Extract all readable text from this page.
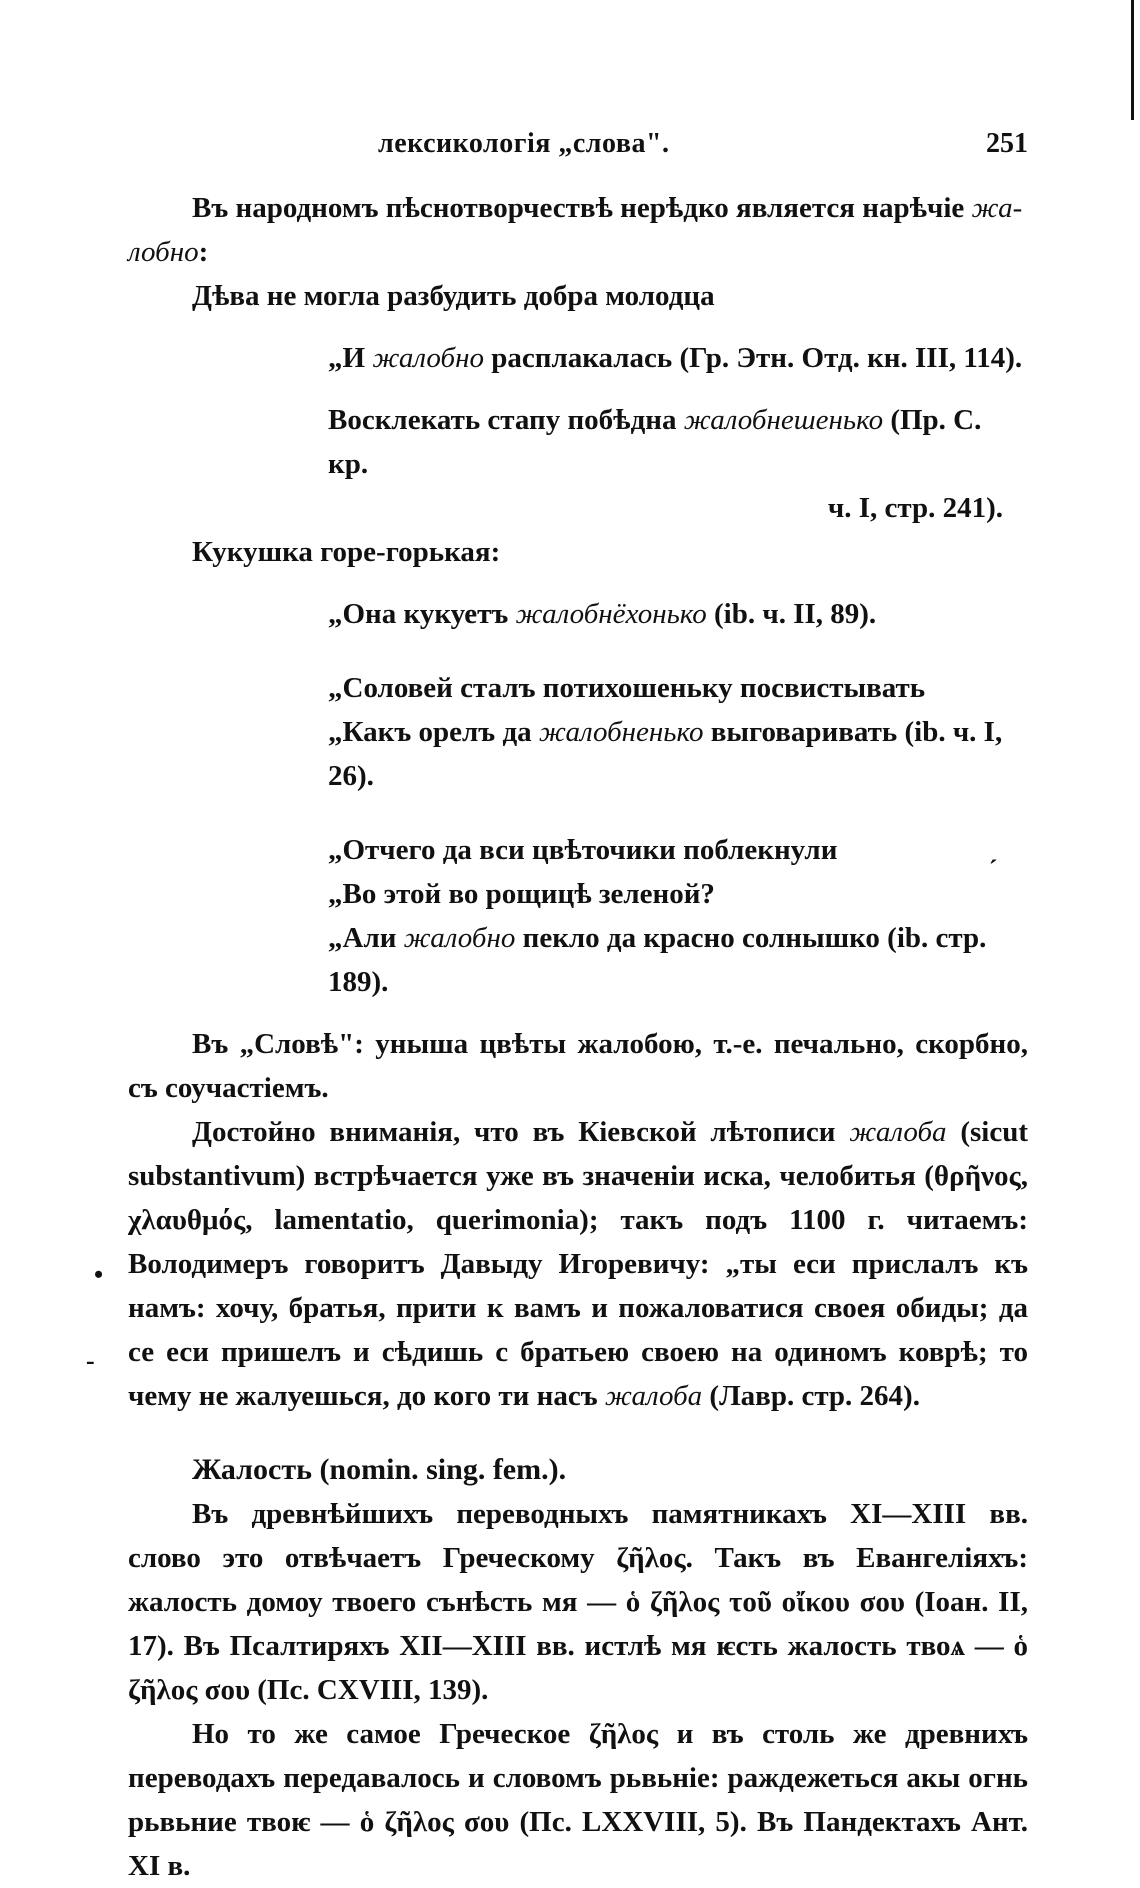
лексикологія „слова".	251

Въ народномъ пѣснотворчествѣ нерѣдко является нарѣчіе жа-
лобно:

Дѣва не могла разбудить добра молодца

„И жалобно расплакалась (Гр. Этн. Отд. кн. III, 114).

Восклекать стапу побѣдна жалобнешенько (Пр. С. кр.

ч. I, стр. 241).

Кукушка горе-горькая:

„Она кукуетъ жалобнёхонько (ib. ч. II, 89).

„Соловей сталъ потихошеньку посвистывать

„Какъ орелъ да жалобненько выговаривать (ib. ч. I, 26).

„Отчего да вси цвѣточики поблекнули	ˏ

„Во этой во рощицѣ зеленой?

„Али жалобно пекло да красно солнышко (ib. стр. 189).

Въ „Словѣ": уныша цвѣты жалобою, т.-е. печально, скорбно, съ соучастіемъ.

•
-

Достойно вниманія, что въ Кіевской лѣтописи жалоба (sicut substantivum) встрѣчается уже въ значеніи иска, челобитья (θρῆνος, χλαυθμός, lamentatio, querimonia); такъ подъ 1100 г. читаемъ: Володимеръ говоритъ Давыду Игоревичу: „ты еси прислалъ къ намъ: хочу, братья, прити к вамъ и пожаловатися своея обиды; да се еси пришелъ и сѣдишь с братьею своею на одиномъ коврѣ; то чему не жалуешься, до кого ти насъ жалоба (Лавр. стр. 264).

Жалость (nomin. sing. fem.).

Въ древнѣйшихъ переводныхъ памятникахъ XI—XIII вв. слово это отвѣчаетъ Греческому ζῆλος. Такъ въ Евангеліяхъ: жалость домоу твоего сънѣсть мя — ὁ ζῆλος τοῦ οἴκου σου (Іоан. II, 17). Въ Псалтиряхъ XII—XIII вв. истлѣ мя ѥсть жалость твоѧ — ὁ ζῆλος σου (Пс. CXVIII, 139).

Но то же самое Греческое ζῆλος и въ столь же древнихъ переводахъ передавалось и словомъ рьвьніе: раждежеться акы огнь рьвьние твоѥ — ὁ ζῆλος σου (Пс. LXXVIII, 5). Въ Пандектахъ Ант. XI в.
